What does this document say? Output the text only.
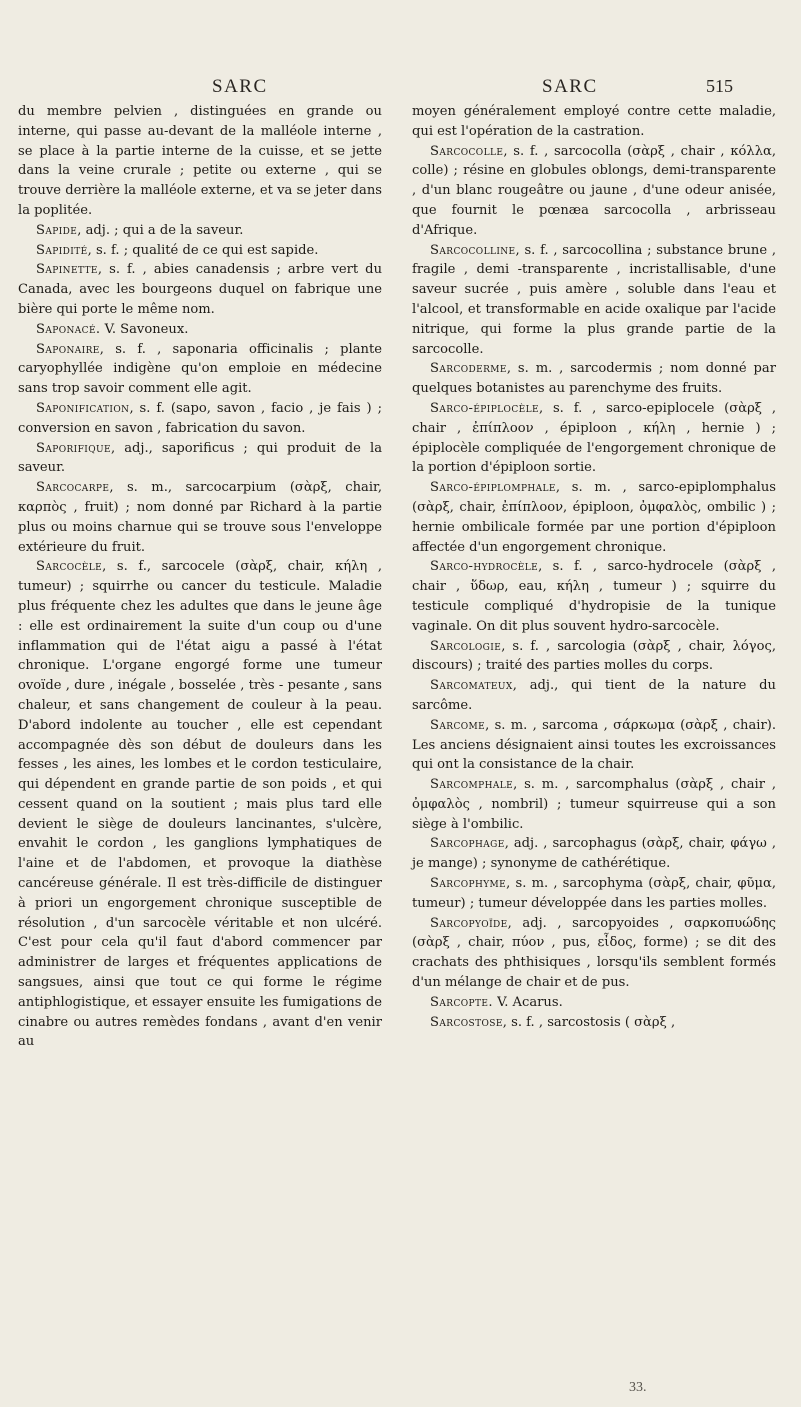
SARC	SARC	515

du membre pelvien , distinguées en grande ou interne, qui passe au-devant de la malléole interne , se place à la partie interne de la cuisse, et se jette dans la veine crurale ; petite ou externe , qui se trouve derrière la malléole externe, et va se jeter dans la poplitée.

Sapide, adj. ; qui a de la saveur.

Sapidité, s. f. ; qualité de ce qui est sapide.

Sapinette, s. f. , abies canadensis ; arbre vert du Canada, avec les bourgeons duquel on fabrique une bière qui porte le même nom.

Saponacé. V. Savoneux.

Saponaire, s. f. , saponaria officinalis ; plante caryophyllée indigène qu'on emploie en médecine sans trop savoir comment elle agit.

Saponification, s. f. (sapo, savon , facio , je fais ) ; conversion en savon , fabrication du savon.

Saporifique, adj., saporificus ; qui produit de la saveur.

Sarcocarpe, s. m., sarcocarpium (σὰρξ, chair, καρπὸς , fruit) ; nom donné par Richard à la partie plus ou moins charnue qui se trouve sous l'enveloppe extérieure du fruit.

Sarcocèle, s. f., sarcocele (σὰρξ, chair, κήλη , tumeur) ; squirrhe ou cancer du testicule. Maladie plus fréquente chez les adultes que dans le jeune âge : elle est ordinairement la suite d'un coup ou d'une inflammation qui de l'état aigu a passé à l'état chronique. L'organe engorgé forme une tumeur ovoïde , dure , inégale , bosselée , très - pesante , sans chaleur, et sans changement de couleur à la peau. D'abord indolente au toucher , elle est cependant accompagnée dès son début de douleurs dans les fesses , les aines, les lombes et le cordon testiculaire, qui dépendent en grande partie de son poids , et qui cessent quand on la soutient ; mais plus tard elle devient le siège de douleurs lancinantes, s'ulcère, envahit le cordon , les ganglions lymphatiques de l'aine et de l'abdomen, et provoque la diathèse cancéreuse générale. Il est très-difficile de distinguer à priori un engorgement chronique susceptible de résolution , d'un sarcocèle véritable et non ulcéré. C'est pour cela qu'il faut d'abord commencer par administrer de larges et fréquentes applications de sangsues, ainsi que tout ce qui forme le régime antiphlogistique, et essayer ensuite les fumigations de cinabre ou autres remèdes fondans , avant d'en venir au

moyen généralement employé contre cette maladie, qui est l'opération de la castration.

Sarcocolle, s. f. , sarcocolla (σὰρξ , chair , κόλλα, colle) ; résine en globules oblongs, demi-transparente , d'un blanc rougeâtre ou jaune , d'une odeur anisée, que fournit le pœnæa sarcocolla , arbrisseau d'Afrique.

Sarcocolline, s. f. , sarcocollina ; substance brune , fragile , demi -transparente , incristallisable, d'une saveur sucrée , puis amère , soluble dans l'eau et l'alcool, et transformable en acide oxalique par l'acide nitrique, qui forme la plus grande partie de la sarcocolle.

Sarcoderme, s. m. , sarcodermis ; nom donné par quelques botanistes au parenchyme des fruits.

Sarco-épiplocèle, s. f. , sarco-epiplocele (σὰρξ , chair , ἐπίπλοον , épiploon , κήλη , hernie ) ; épiplocèle compliquée de l'engorgement chronique de la portion d'épiploon sortie.

Sarco-épiplomphale, s. m. , sarco-epiplomphalus (σὰρξ, chair, ἐπίπλοον, épiploon, ὀμφαλὸς, ombilic ) ; hernie ombilicale formée par une portion d'épiploon affectée d'un engorgement chronique.

Sarco-hydrocèle, s. f. , sarco-hydrocele (σὰρξ , chair , ὕδωρ, eau, κήλη , tumeur ) ; squirre du testicule compliqué d'hydropisie de la tunique vaginale. On dit plus souvent hydro-sarcocèle.

Sarcologie, s. f. , sarcologia (σὰρξ , chair, λόγος, discours) ; traité des parties molles du corps.

Sarcomateux, adj., qui tient de la nature du sarcôme.

Sarcome, s. m. , sarcoma , σάρκωμα (σὰρξ , chair). Les anciens désignaient ainsi toutes les excroissances qui ont la consistance de la chair.

Sarcomphale, s. m. , sarcomphalus (σὰρξ , chair , ὀμφαλὸς , nombril) ; tumeur squirreuse qui a son siège à l'ombilic.

Sarcophage, adj. , sarcophagus (σὰρξ, chair, φάγω , je mange) ; synonyme de cathérétique.

Sarcophyme, s. m. , sarcophyma (σὰρξ, chair, φῦμα, tumeur) ; tumeur développée dans les parties molles.

Sarcopyoïde, adj. , sarcopyoides , σαρκοπυώδης (σὰρξ , chair, πύον , pus, εἶδος, forme) ; se dit des crachats des phthisiques , lorsqu'ils semblent formés d'un mélange de chair et de pus.

Sarcopte. V. Acarus.

Sarcostose, s. f. , sarcostosis ( σὰρξ ,

33.
